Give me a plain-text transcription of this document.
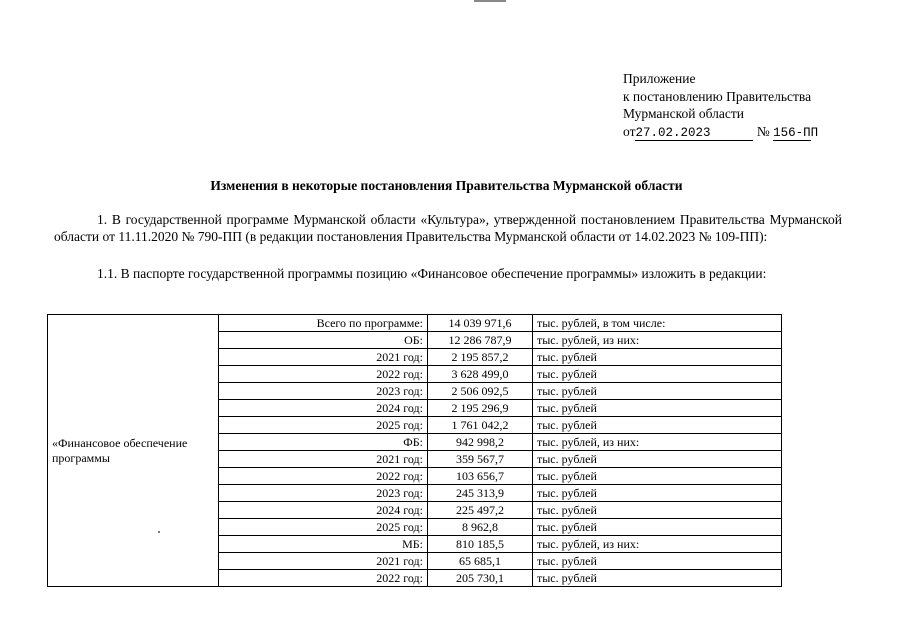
Приложение
к постановлению Правительства
Мурманской области
от27.02.2023	№ 156-ПП
Изменения в некоторые постановления Правительства Мурманской области
1. В государственной программе Мурманской области «Культура», утвержденной постановлением Правительства Мурманской области от 11.11.2020 № 790-ПП (в редакции постановления Правительства Мурманской области от 14.02.2023 № 109-ПП):
1.1. В паспорте государственной программы позицию «Финансовое обеспечение программы» изложить в редакции:
«Финансовое обеспечение программы	Всего по программе:	14 039 971,6	тыс. рублей, в том числе:
	ОБ:	12 286 787,9	тыс. рублей, из них:
	2021 год:	2 195 857,2	тыс. рублей
	2022 год:	3 628 499,0	тыс. рублей
	2023 год:	2 506 092,5	тыс. рублей
	2024 год:	2 195 296,9	тыс. рублей
	2025 год:	1 761 042,2	тыс. рублей
	ФБ:	942 998,2	тыс. рублей, из них:
	2021 год:	359 567,7	тыс. рублей
	2022 год:	103 656,7	тыс. рублей
	2023 год:	245 313,9	тыс. рублей
	2024 год:	225 497,2	тыс. рублей
	2025 год:	8 962,8	тыс. рублей
	МБ:	810 185,5	тыс. рублей, из них:
	2021 год:	65 685,1	тыс. рублей
	2022 год:	205 730,1	тыс. рублей
